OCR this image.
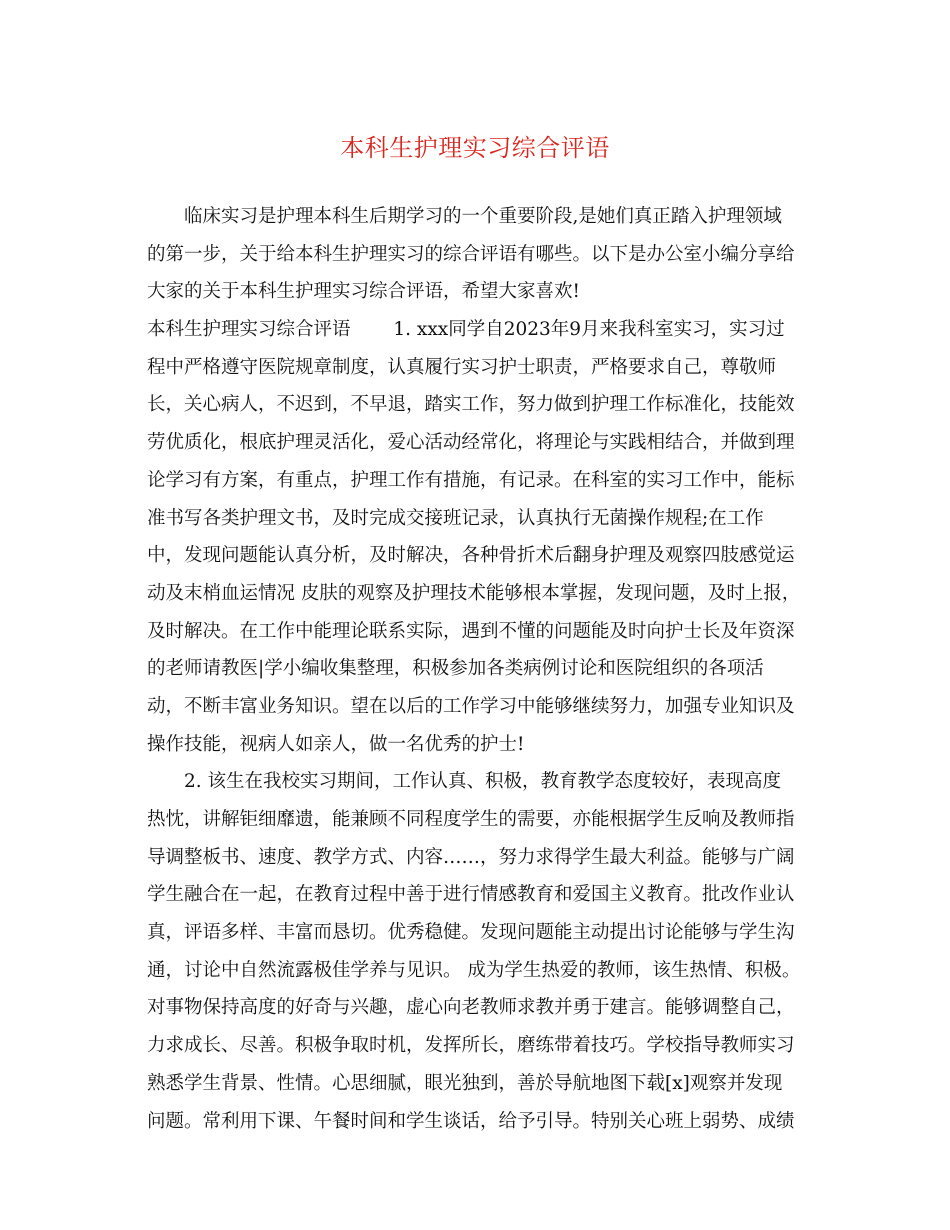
本科生护理实习综合评语
　　临床实习是护理本科生后期学习的一个重要阶段,是她们真正踏入护理领域
的第一步，关于给本科生护理实习的综合评语有哪些。以下是办公室小编分享给
大家的关于本科生护理实习综合评语，希望大家喜欢!
本科生护理实习综合评语　　 1. xxx同学自2023年9月来我科室实习，实习过
程中严格遵守医院规章制度，认真履行实习护士职责，严格要求自己，尊敬师
长，关心病人，不迟到，不早退，踏实工作，努力做到护理工作标准化，技能效
劳优质化，根底护理灵活化，爱心活动经常化，将理论与实践相结合，并做到理
论学习有方案，有重点，护理工作有措施，有记录。在科室的实习工作中，能标
准书写各类护理文书，及时完成交接班记录，认真执行无菌操作规程;在工作
中，发现问题能认真分析，及时解决，各种骨折术后翻身护理及观察四肢感觉运
动及末梢血运情况 皮肤的观察及护理技术能够根本掌握，发现问题，及时上报，
及时解决。在工作中能理论联系实际，遇到不懂的问题能及时向护士长及年资深
的老师请教医|学小编收集整理，积极参加各类病例讨论和医院组织的各项活
动，不断丰富业务知识。望在以后的工作学习中能够继续努力，加强专业知识及
操作技能，视病人如亲人，做一名优秀的护士!
　　2. 该生在我校实习期间，工作认真、积极，教育教学态度较好，表现高度
热忱，讲解钜细靡遗，能兼顾不同程度学生的需要，亦能根据学生反响及教师指
导调整板书、速度、教学方式、内容……，努力求得学生最大利益。能够与广阔
学生融合在一起，在教育过程中善于进行情感教育和爱国主义教育。批改作业认
真，评语多样、丰富而恳切。优秀稳健。发现问题能主动提出讨论能够与学生沟
通，讨论中自然流露极佳学养与见识。 成为学生热爱的教师，该生热情、积极。
对事物保持高度的好奇与兴趣，虚心向老教师求教并勇于建言。能够调整自己，
力求成长、尽善。积极争取时机，发挥所长，磨练带着技巧。学校指导教师实习
熟悉学生背景、性情。心思细腻，眼光独到，善於导航地图下载[x]观察并发现
问题。常利用下课、午餐时间和学生谈话，给予引导。特别关心班上弱势、成绩
